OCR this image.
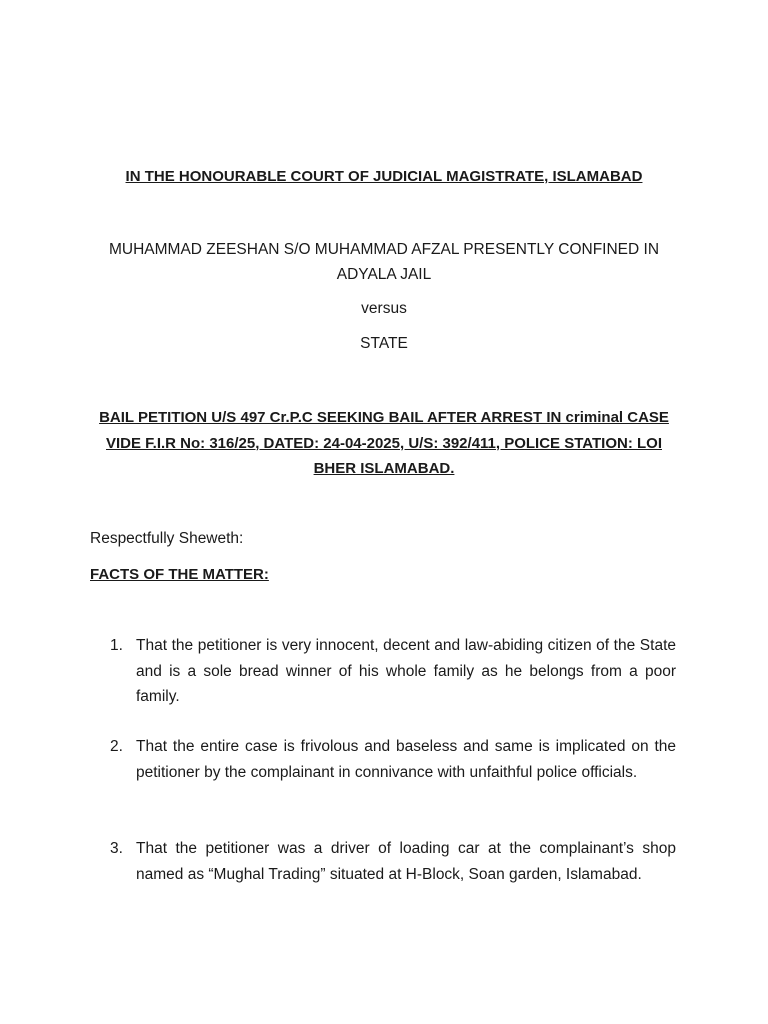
IN THE HONOURABLE COURT OF JUDICIAL MAGISTRATE, ISLAMABAD
MUHAMMAD ZEESHAN S/O MUHAMMAD AFZAL PRESENTLY CONFINED IN ADYALA JAIL
versus
STATE
BAIL PETITION U/S 497 Cr.P.C SEEKING BAIL AFTER ARREST IN criminal CASE VIDE F.I.R No: 316/25, DATED: 24-04-2025, U/S: 392/411, POLICE STATION: LOI BHER ISLAMABAD.
Respectfully Sheweth:
FACTS OF THE MATTER:
1. That the petitioner is very innocent, decent and law-abiding citizen of the State and is a sole bread winner of his whole family as he belongs from a poor family.
2. That the entire case is frivolous and baseless and same is implicated on the petitioner by the complainant in connivance with unfaithful police officials.
3. That the petitioner was a driver of loading car at the complainant’s shop named as “Mughal Trading” situated at H-Block, Soan garden, Islamabad.
